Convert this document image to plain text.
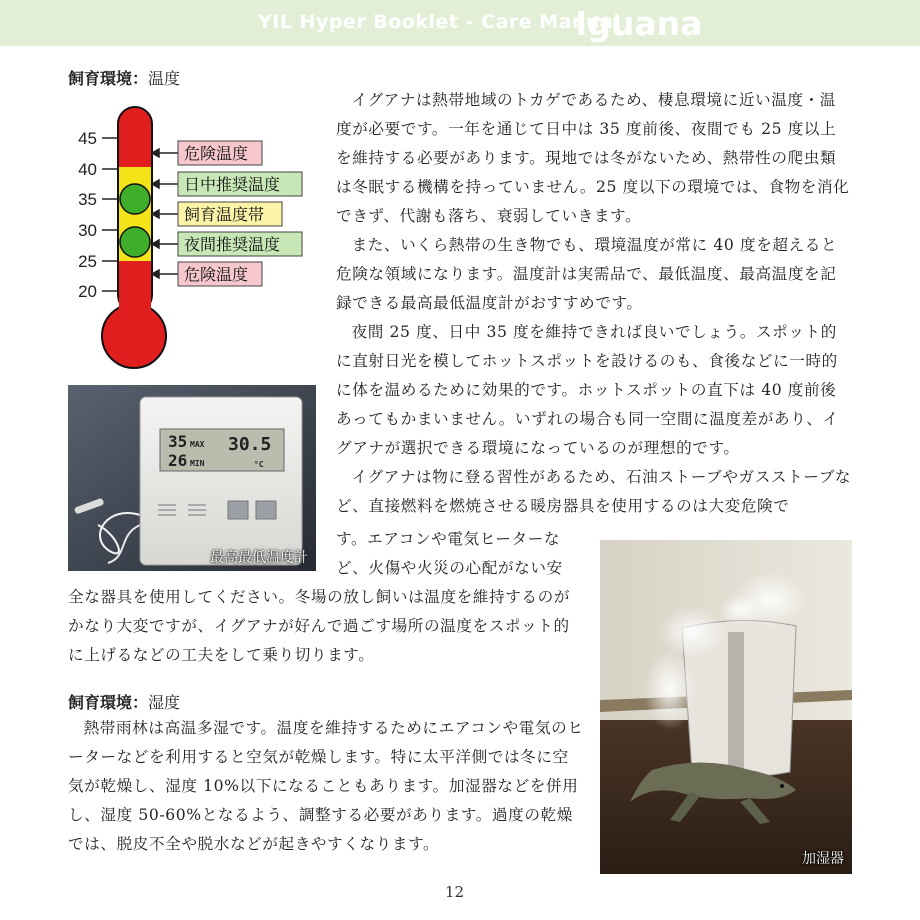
YIL Hyper Booklet - Care Manual
Iguana
飼育環境：温度
45
40
35
30
25
20
危険温度
日中推奨温度
飼育温度帯
夜間推奨温度
危険温度
35 MAX
26 MIN
30.5
°C
最高最低温度計

イグアナは熱帯地域のトカゲであるため、棲息環境に近い温度・温度が必要です。一年を通じて日中は 35 度前後、夜間でも 25 度以上を維持する必要があります。現地では冬がないため、熱帯性の爬虫類は冬眠する機構を持っていません。25 度以下の環境では、食物を消化できず、代謝も落ち、衰弱していきます。

また、いくら熱帯の生き物でも、環境温度が常に 40 度を超えると危険な領域になります。温度計は実需品で、最低温度、最高温度を記録できる最高最低温度計がおすすめです。

夜間 25 度、日中 35 度を維持できれば良いでしょう。スポット的に直射日光を模してホットスポットを設けるのも、食後などに一時的に体を温めるために効果的です。ホットスポットの直下は 40 度前後あってもかまいません。いずれの場合も同一空間に温度差があり、イグアナが選択できる環境になっているのが理想的です。

イグアナは物に登る習性があるため、石油ストーブやガスストーブなど、直接燃料を燃焼させる暖房器具を使用するのは大変危険で

す。エアコンや電気ヒーターな

ど、火傷や火災の心配がない安

全な器具を使用してください。冬場の放し飼いは温度を維持するのがかなり大変ですが、イグアナが好んで過ごす場所の温度をスポット的に上げるなどの工夫をして乗り切ります。

飼育環境：湿度

熱帯雨林は高温多湿です。温度を維持するためにエアコンや電気のヒーターなどを利用すると空気が乾燥します。特に太平洋側では冬に空気が乾燥し、湿度 10%以下になることもあります。加湿器などを併用し、湿度 50-60%となるよう、調整する必要があります。過度の乾燥では、脱皮不全や脱水などが起きやすくなります。

加湿器
12
